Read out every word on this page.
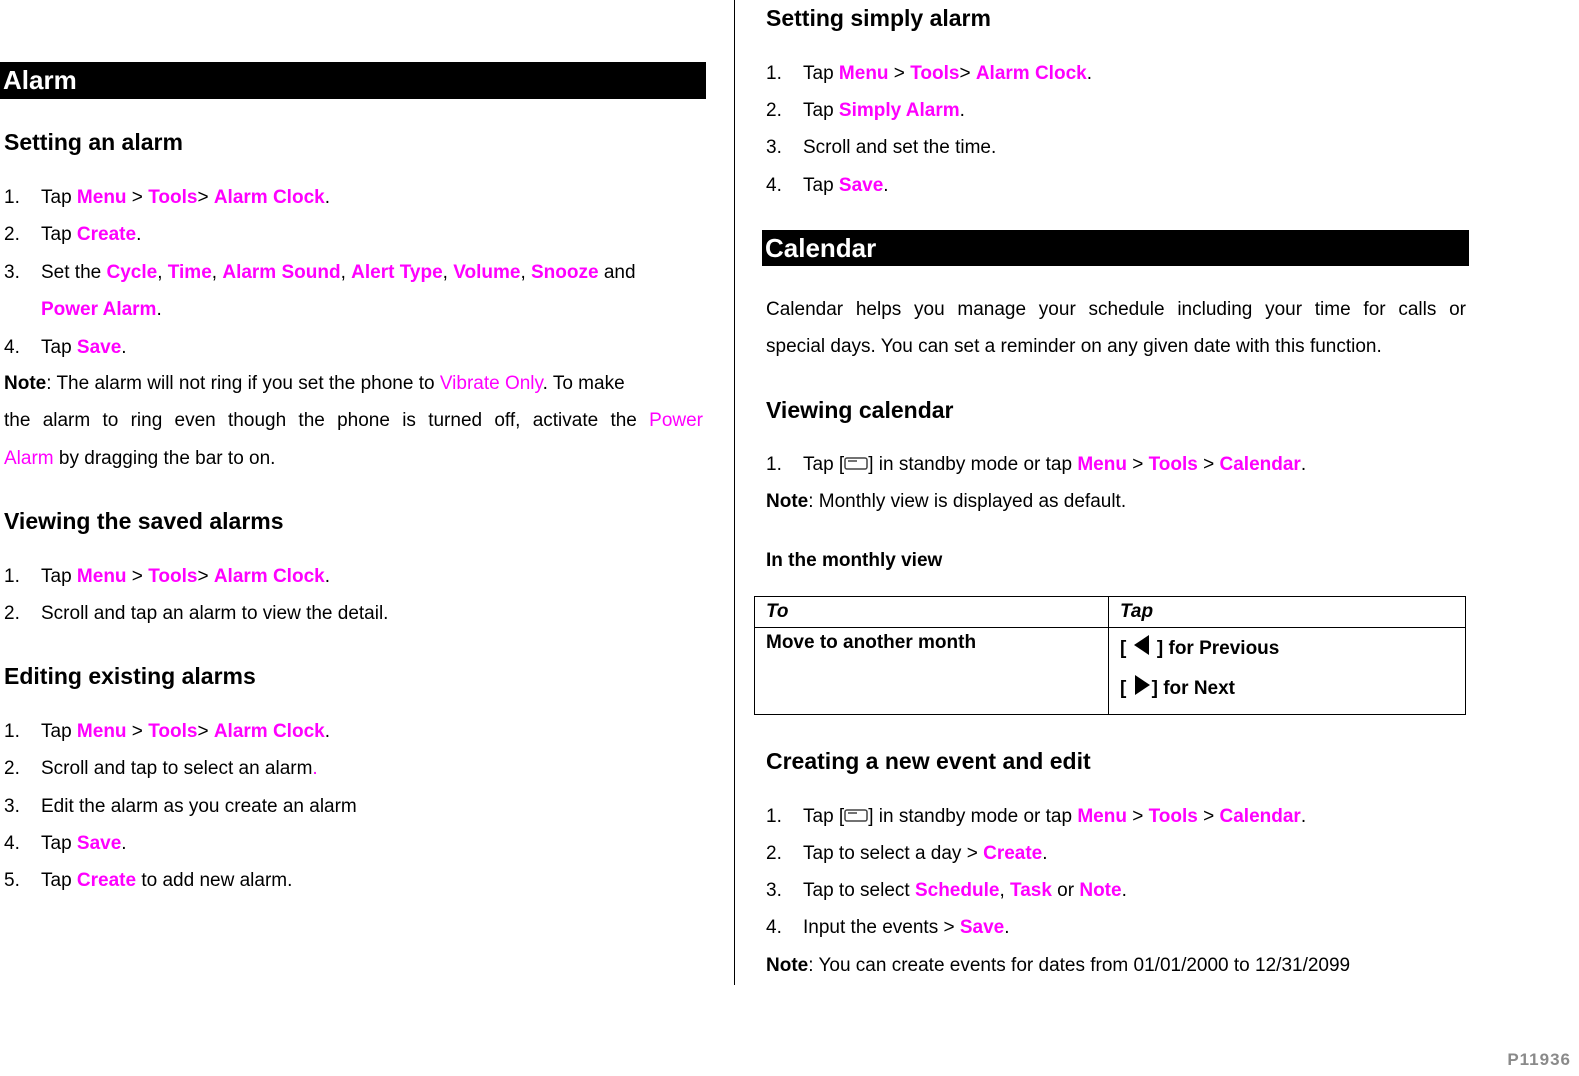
Alarm
Setting an alarm
1. Tap Menu > Tools> Alarm Clock.
2. Tap Create.
3. Set the Cycle, Time, Alarm Sound, Alert Type, Volume, Snooze and
Power Alarm.
4. Tap Save.
Note: The alarm will not ring if you set the phone to Vibrate Only. To make
the alarm to ring even though the phone is turned off, activate the Power
Alarm by dragging the bar to on.
Viewing the saved alarms
1. Tap Menu > Tools> Alarm Clock.
2. Scroll and tap an alarm to view the detail.
Editing existing alarms
1. Tap Menu > Tools> Alarm Clock.
2. Scroll and tap to select an alarm.
3. Edit the alarm as you create an alarm
4. Tap Save.
5. Tap Create to add new alarm.
Setting simply alarm
1. Tap Menu > Tools> Alarm Clock.
2. Tap Simply Alarm.
3. Scroll and set the time.
4. Tap Save.
Calendar
Calendar helps you manage your schedule including your time for calls or
special days. You can set a reminder on any given date with this function.
Viewing calendar
1. Tap [ ] in standby mode or tap Menu > Tools > Calendar.
Note: Monthly view is displayed as default.
In the monthly view
To	Tap
Move to another month	[  ] for Previous
[ ] for Next
Creating a new event and edit
1. Tap [ ] in standby mode or tap Menu > Tools > Calendar.
2. Tap to select a day > Create.
3. Tap to select Schedule, Task or Note.
4. Input the events > Save.
Note: You can create events for dates from 01/01/2000 to 12/31/2099
P11936
